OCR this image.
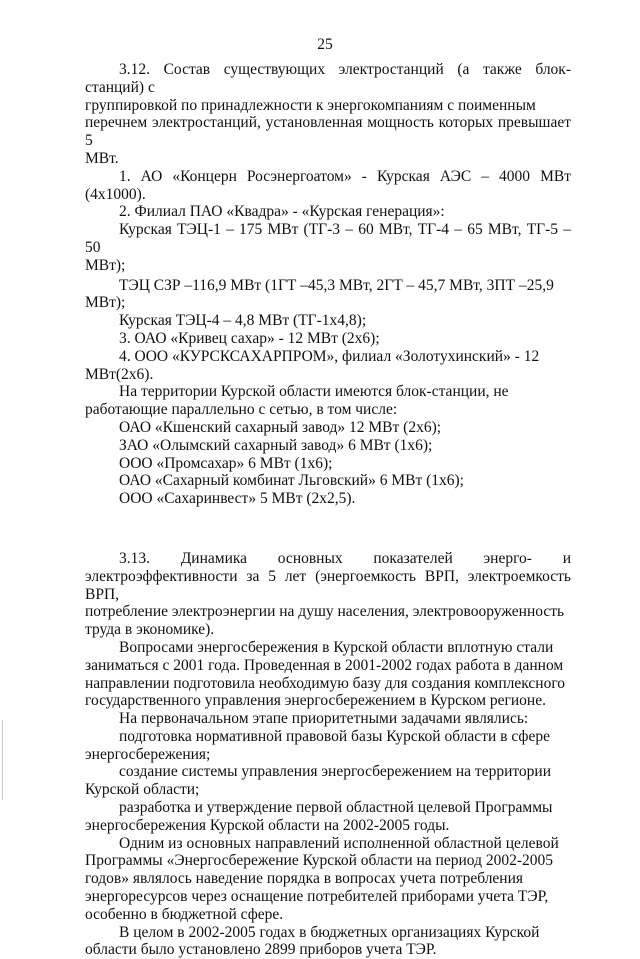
25

3.12. Состав существующих электростанций (а также блок-станций) с

группировкой по принадлежности к энергокомпаниям с поименным

перечнем электростанций, установленная мощность которых превышает 5

МВт.

1. АО «Концерн Росэнергоатом» - Курская АЭС – 4000 МВт (4x1000).

2. Филиал ПАО «Квадра» - «Курская генерация»:

Курская ТЭЦ-1 – 175 МВт (ТГ-3 – 60 МВт, ТГ-4 – 65 МВт, ТГ-5 – 50

МВт);

ТЭЦ СЗР –116,9 МВт (1ГТ –45,3 МВт, 2ГТ – 45,7 МВт, 3ПТ –25,9

МВт);

Курская ТЭЦ-4 – 4,8 МВт (ТГ-1x4,8);

3. ОАО «Кривец сахар» - 12 МВт (2x6);

4. ООО «КУРСКСАХАРПРОМ», филиал «Золотухинский» - 12

МВт(2x6).

На территории Курской области имеются блок-станции, не

работающие параллельно с сетью, в том числе:

ОАО «Кшенский сахарный завод» 12 МВт (2x6);

ЗАО «Олымский сахарный завод» 6 МВт (1x6);

ООО «Промсахар» 6 МВт (1x6);

ОАО «Сахарный комбинат Льговский» 6 МВт (1x6);

ООО «Сахаринвест» 5 МВт (2x2,5).

3.13. Динамика основных показателей энерго- и

электроэффективности за 5 лет (энергоемкость ВРП, электроемкость ВРП,

потребление электроэнергии на душу населения, электровооруженность

труда в экономике).

Вопросами энергосбережения в Курской области вплотную стали

заниматься с 2001 года. Проведенная в 2001-2002 годах работа в данном

направлении подготовила необходимую базу для создания комплексного

государственного управления энергосбережением в Курском регионе.

На первоначальном этапе приоритетными задачами являлись:

подготовка нормативной правовой базы Курской области в сфере

энергосбережения;

создание системы управления энергосбережением на территории

Курской области;

разработка и утверждение первой областной целевой Программы

энергосбережения Курской области на 2002-2005 годы.

Одним из основных направлений исполненной областной целевой

Программы «Энергосбережение Курской области на период 2002-2005

годов» являлось наведение порядка в вопросах учета потребления

энергоресурсов через оснащение потребителей приборами учета ТЭР,

особенно в бюджетной сфере.

В целом в 2002-2005 годах в бюджетных организациях Курской

области было установлено 2899 приборов учета ТЭР.
